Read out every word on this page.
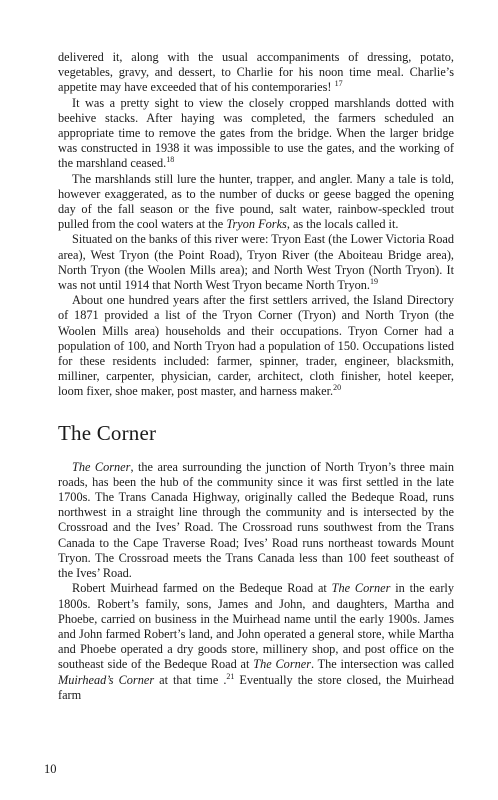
delivered it, along with the usual accompaniments of dressing, potato, vegetables, gravy, and dessert, to Charlie for his noon time meal. Charlie’s appetite may have exceeded that of his contemporaries! $^{17}$

It was a pretty sight to view the closely cropped marshlands dotted with beehive stacks. After haying was completed, the farmers scheduled an appropriate time to remove the gates from the bridge. When the larger bridge was constructed in 1938 it was impossible to use the gates, and the working of the marshland ceased.$^{18}$

The marshlands still lure the hunter, trapper, and angler. Many a tale is told, however exaggerated, as to the number of ducks or geese bagged the opening day of the fall season or the five pound, salt water, rainbow-speckled trout pulled from the cool waters at the Tryon Forks, as the locals called it.

Situated on the banks of this river were: Tryon East (the Lower Victoria Road area), West Tryon (the Point Road), Tryon River (the Aboiteau Bridge area), North Tryon (the Woolen Mills area); and North West Tryon (North Tryon). It was not until 1914 that North West Tryon became North Tryon.$^{19}$

About one hundred years after the first settlers arrived, the Island Directory of 1871 provided a list of the Tryon Corner (Tryon) and North Tryon (the Woolen Mills area) households and their occupations. Tryon Corner had a population of 100, and North Tryon had a population of 150. Occupations listed for these residents included: farmer, spinner, trader, engineer, blacksmith, milliner, carpenter, physician, carder, architect, cloth finisher, hotel keeper, loom fixer, shoe maker, post master, and harness maker.$^{20}$

The Corner

The Corner, the area surrounding the junction of North Tryon’s three main roads, has been the hub of the community since it was first settled in the late 1700s. The Trans Canada Highway, originally called the Bedeque Road, runs northwest in a straight line through the community and is intersected by the Crossroad and the Ives’ Road. The Crossroad runs southwest from the Trans Canada to the Cape Traverse Road; Ives’ Road runs northeast towards Mount Tryon. The Crossroad meets the Trans Canada less than 100 feet southeast of the Ives’ Road.

Robert Muirhead farmed on the Bedeque Road at The Corner in the early 1800s. Robert’s family, sons, James and John, and daughters, Martha and Phoebe, carried on business in the Muirhead name until the early 1900s. James and John farmed Robert’s land, and John operated a general store, while Martha and Phoebe operated a dry goods store, millinery shop, and post office on the southeast side of the Bedeque Road at The Corner. The intersection was called Muirhead’s Corner at that time .$^{21}$ Eventually the store closed, the Muirhead farm

10
